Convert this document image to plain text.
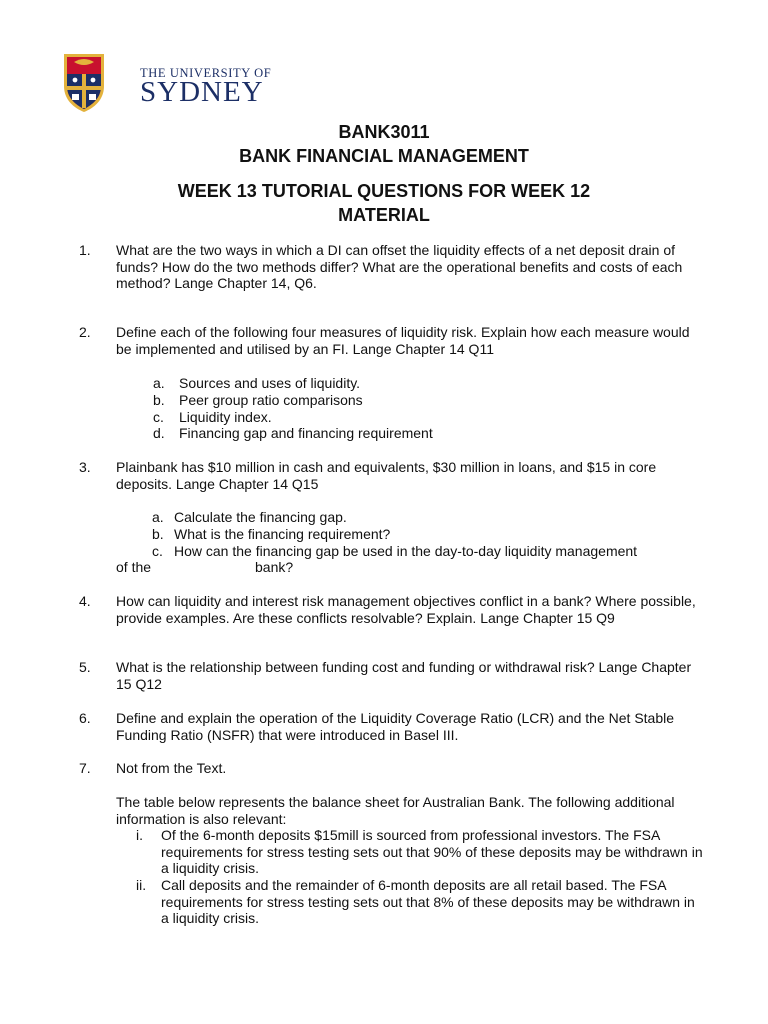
THE UNIVERSITY OF
SYDNEY
BANK3011
BANK FINANCIAL MANAGEMENT
WEEK 13 TUTORIAL QUESTIONS FOR WEEK 12
MATERIAL
1. What are the two ways in which a DI can offset the liquidity effects of a net deposit drain of funds? How do the two methods differ? What are the operational benefits and costs of each method? Lange Chapter 14, Q6.
2. Define each of the following four measures of liquidity risk. Explain how each measure would be implemented and utilised by an FI. Lange Chapter 14 Q11
a. Sources and uses of liquidity.
b. Peer group ratio comparisons
c. Liquidity index.
d. Financing gap and financing requirement
3. Plainbank has $10 million in cash and equivalents, $30 million in loans, and $15 in core deposits. Lange Chapter 14 Q15
a. Calculate the financing gap.
b. What is the financing requirement?
c. How can the financing gap be used in the day-to-day liquidity management
of the	bank?
4. How can liquidity and interest risk management objectives conflict in a bank? Where possible, provide examples. Are these conflicts resolvable? Explain. Lange Chapter 15 Q9
5. What is the relationship between funding cost and funding or withdrawal risk? Lange Chapter 15 Q12
6. Define and explain the operation of the Liquidity Coverage Ratio (LCR) and the Net Stable Funding Ratio (NSFR) that were introduced in Basel III.
7. Not from the Text.
The table below represents the balance sheet for Australian Bank. The following additional information is also relevant:
i. Of the 6-month deposits $15mill is sourced from professional investors. The FSA requirements for stress testing sets out that 90% of these deposits may be withdrawn in a liquidity crisis.
ii. Call deposits and the remainder of 6-month deposits are all retail based. The FSA requirements for stress testing sets out that 8% of these deposits may be withdrawn in a liquidity crisis.
